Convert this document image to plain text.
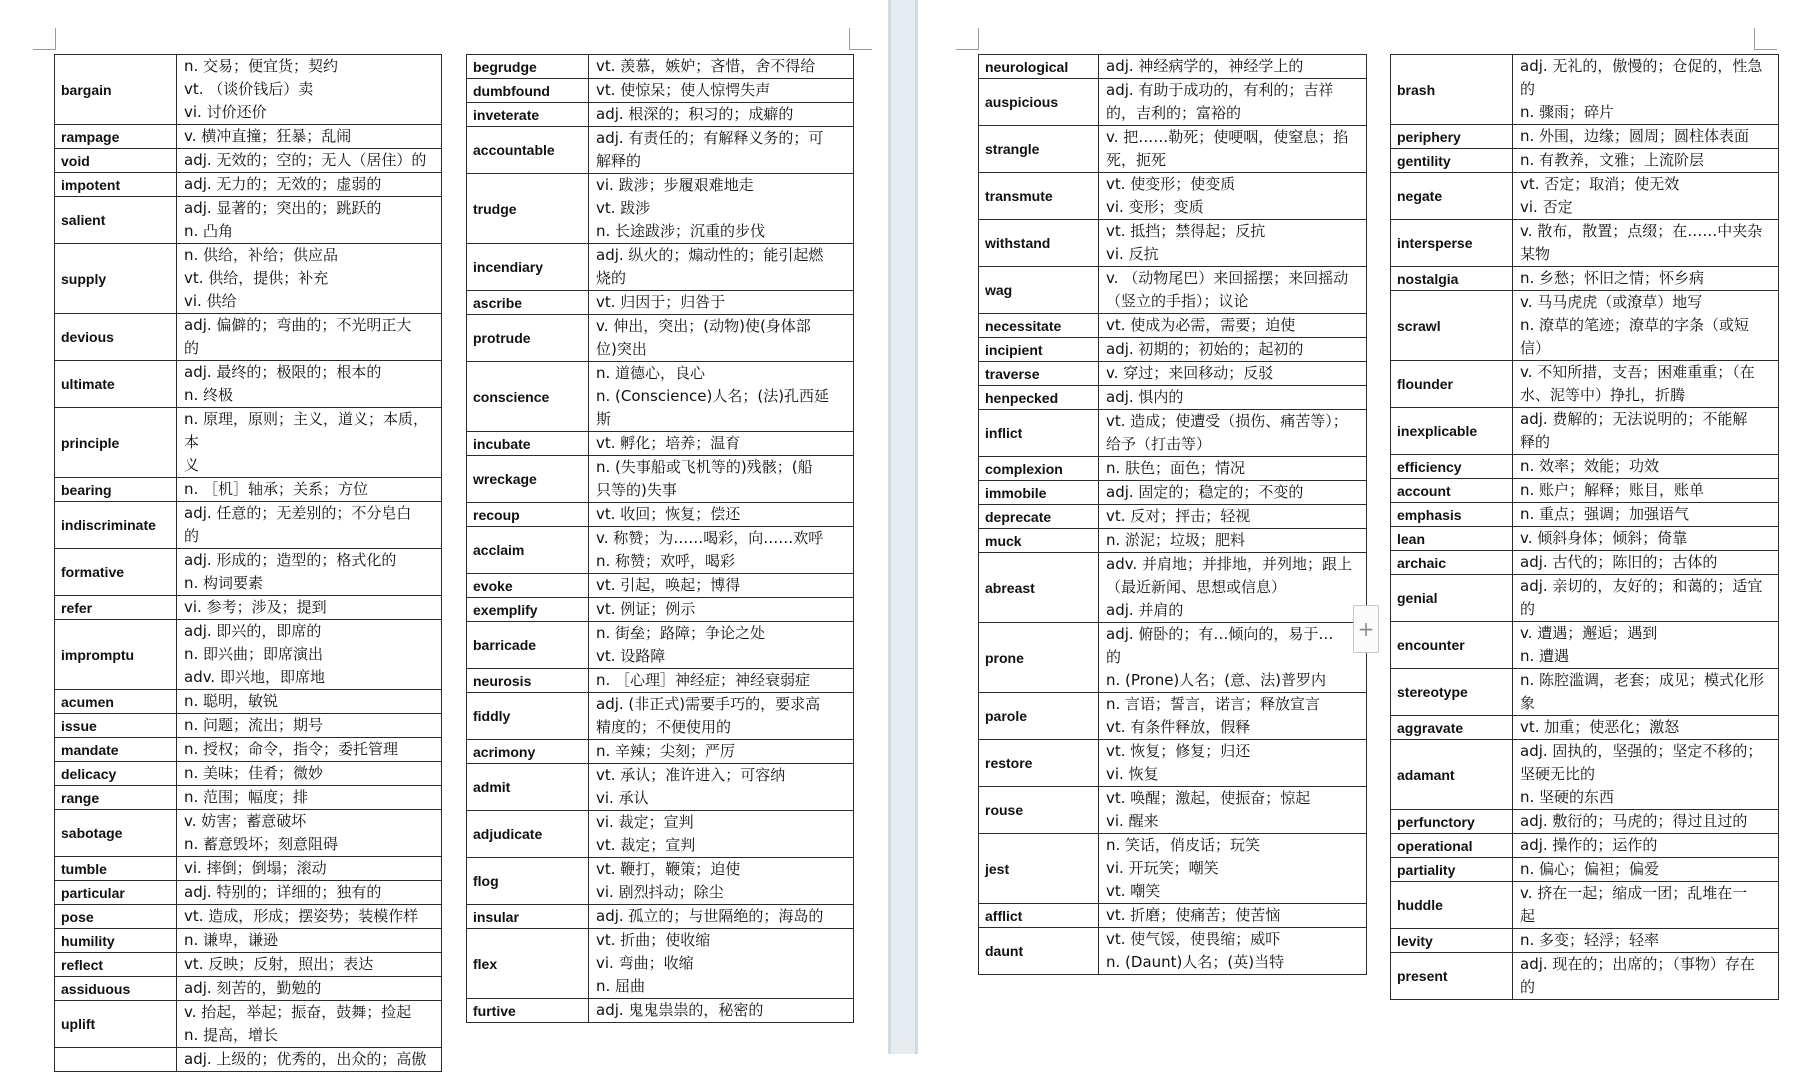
bargain	n. 交易；便宜货；契约
vt. （谈价钱后）卖
vi. 讨价还价

rampage	v. 横冲直撞；狂暴；乱闹

void	adj. 无效的；空的；无人（居住）的

impotent	adj. 无力的；无效的；虚弱的

salient	adj. 显著的；突出的；跳跃的
n. 凸角

supply	n. 供给，补给；供应品
vt. 供给，提供；补充
vi. 供给

devious	adj. 偏僻的；弯曲的；不光明正大
的

ultimate	adj. 最终的；极限的；根本的
n. 终极

principle	n. 原理，原则；主义，道义；本质，本
义

bearing	n. ［机］轴承；关系；方位

indiscriminate	adj. 任意的；无差别的；不分皂白
的

formative	adj. 形成的；造型的；格式化的
n. 构词要素

refer	vi. 参考；涉及；提到

impromptu	adj. 即兴的，即席的
n. 即兴曲；即席演出
adv. 即兴地，即席地

acumen	n. 聪明，敏锐

issue	n. 问题；流出；期号

mandate	n. 授权；命令，指令；委托管理

delicacy	n. 美味；佳肴；微妙

range	n. 范围；幅度；排

sabotage	v. 妨害；蓄意破坏
n. 蓄意毁坏；刻意阻碍

tumble	vi. 摔倒；倒塌；滚动

particular	adj. 特别的；详细的；独有的

pose	vt. 造成，形成；摆姿势；装模作样

humility	n. 谦卑，谦逊

reflect	vt. 反映；反射，照出；表达

assiduous	adj. 刻苦的，勤勉的

uplift	v. 抬起，举起；振奋，鼓舞；捡起
n. 提高，增长

	adj. 上级的；优秀的，出众的；高傲
begrudge	vt. 羡慕，嫉妒；吝惜，舍不得给

dumbfound	vt. 使惊呆；使人惊愕失声

inveterate	adj. 根深的；积习的；成癖的

accountable	adj. 有责任的；有解释义务的；可
解释的

trudge	vi. 跋涉；步履艰难地走
vt. 跋涉
n. 长途跋涉；沉重的步伐

incendiary	adj. 纵火的；煽动性的；能引起燃
烧的

ascribe	vt. 归因于；归咎于

protrude	v. 伸出，突出；(动物)使(身体部
位)突出

conscience	n. 道德心，良心
n. (Conscience)人名；(法)孔西延
斯

incubate	vt. 孵化；培养；温育

wreckage	n. (失事船或飞机等的)残骸；(船
只等的)失事

recoup	vt. 收回；恢复；偿还

acclaim	v. 称赞；为……喝彩，向……欢呼
n. 称赞；欢呼，喝彩

evoke	vt. 引起，唤起；博得

exemplify	vt. 例证；例示

barricade	n. 街垒；路障；争论之处
vt. 设路障

neurosis	n. ［心理］神经症；神经衰弱症

fiddly	adj. (非正式)需要手巧的，要求高
精度的；不便使用的

acrimony	n. 辛辣；尖刻；严厉

admit	vt. 承认；准许进入；可容纳
vi. 承认

adjudicate	vi. 裁定；宣判
vt. 裁定；宣判

flog	vt. 鞭打，鞭策；迫使
vi. 剧烈抖动；除尘

insular	adj. 孤立的；与世隔绝的；海岛的

flex	vt. 折曲；使收缩
vi. 弯曲；收缩
n. 屈曲

furtive	adj. 鬼鬼祟祟的，秘密的
neurological	adj. 神经病学的，神经学上的

auspicious	adj. 有助于成功的，有利的；吉祥
的，吉利的；富裕的

strangle	v. 把……勒死；使哽咽，使窒息；掐
死，扼死

transmute	vt. 使变形；使变质
vi. 变形；变质

withstand	vt. 抵挡；禁得起；反抗
vi. 反抗

wag	v. （动物尾巴）来回摇摆；来回摇动
（竖立的手指）；议论

necessitate	vt. 使成为必需，需要；迫使

incipient	adj. 初期的；初始的；起初的

traverse	v. 穿过；来回移动；反驳

henpecked	adj. 惧内的

inflict	vt. 造成；使遭受（损伤、痛苦等）；
给予（打击等）

complexion	n. 肤色；面色；情况

immobile	adj. 固定的；稳定的；不变的

deprecate	vt. 反对；抨击；轻视

muck	n. 淤泥；垃圾；肥料

abreast	adv. 并肩地；并排地，并列地；跟上
（最近新闻、思想或信息）
adj. 并肩的

prone	adj. 俯卧的；有…倾向的，易于…
的
n. (Prone)人名；(意、法)普罗内

parole	n. 言语；誓言，诺言；释放宣言
vt. 有条件释放，假释

restore	vt. 恢复；修复；归还
vi. 恢复

rouse	vt. 唤醒；激起，使振奋；惊起
vi. 醒来

jest	n. 笑话，俏皮话；玩笑
vi. 开玩笑；嘲笑
vt. 嘲笑

afflict	vt. 折磨；使痛苦；使苦恼

daunt	vt. 使气馁，使畏缩；威吓
n. (Daunt)人名；(英)当特
brash	adj. 无礼的，傲慢的；仓促的，性急
的
n. 骤雨；碎片

periphery	n. 外围，边缘；圆周；圆柱体表面

gentility	n. 有教养，文雅；上流阶层

negate	vt. 否定；取消；使无效
vi. 否定

intersperse	v. 散布，散置；点缀；在……中夹杂
某物

nostalgia	n. 乡愁；怀旧之情；怀乡病

scrawl	v. 马马虎虎（或潦草）地写
n. 潦草的笔迹；潦草的字条（或短
信）

flounder	v. 不知所措，支吾；困难重重；（在
水、泥等中）挣扎，折腾

inexplicable	adj. 费解的；无法说明的；不能解
释的

efficiency	n. 效率；效能；功效

account	n. 账户；解释；账目，账单

emphasis	n. 重点；强调；加强语气

lean	v. 倾斜身体；倾斜；倚靠

archaic	adj. 古代的；陈旧的；古体的

genial	adj. 亲切的，友好的；和蔼的；适宜
的

encounter	v. 遭遇；邂逅；遇到
n. 遭遇

stereotype	n. 陈腔滥调，老套；成见；模式化形
象

aggravate	vt. 加重；使恶化；激怒

adamant	adj. 固执的，坚强的；坚定不移的；
坚硬无比的
n. 坚硬的东西

perfunctory	adj. 敷衍的；马虎的；得过且过的

operational	adj. 操作的；运作的

partiality	n. 偏心；偏袒；偏爱

huddle	v. 挤在一起；缩成一团；乱堆在一
起

levity	n. 多变；轻浮；轻率

present	adj. 现在的；出席的；（事物）存在
的
+
